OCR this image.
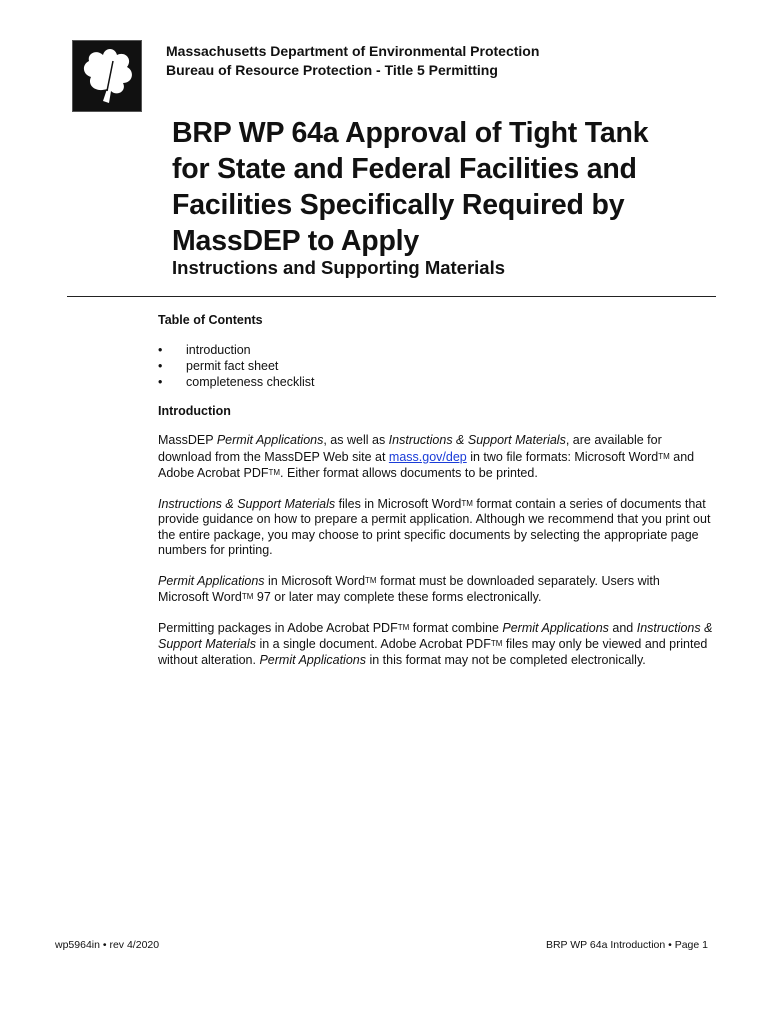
Massachusetts Department of Environmental Protection
Bureau of Resource Protection - Title 5 Permitting
BRP WP 64a Approval of Tight Tank
for State and Federal Facilities and
Facilities Specifically Required by
MassDEP to Apply
Instructions and Supporting Materials
Table of Contents
•	introduction
•	permit fact sheet
•	completeness checklist
Introduction

MassDEP Permit Applications, as well as Instructions & Support Materials, are available for download from the MassDEP Web site at mass.gov/dep in two file formats: Microsoft Word™ and Adobe Acrobat PDF™. Either format allows documents to be printed.

Instructions & Support Materials files in Microsoft Word™ format contain a series of documents that provide guidance on how to prepare a permit application. Although we recommend that you print out the entire package, you may choose to print specific documents by selecting the appropriate page numbers for printing.

Permit Applications in Microsoft Word™ format must be downloaded separately. Users with Microsoft Word™ 97 or later may complete these forms electronically.

Permitting packages in Adobe Acrobat PDF™ format combine Permit Applications and Instructions & Support Materials in a single document. Adobe Acrobat PDF™ files may only be viewed and printed without alteration. Permit Applications in this format may not be completed electronically.

wp5964in • rev 4/2020	BRP WP 64a Introduction • Page 1
